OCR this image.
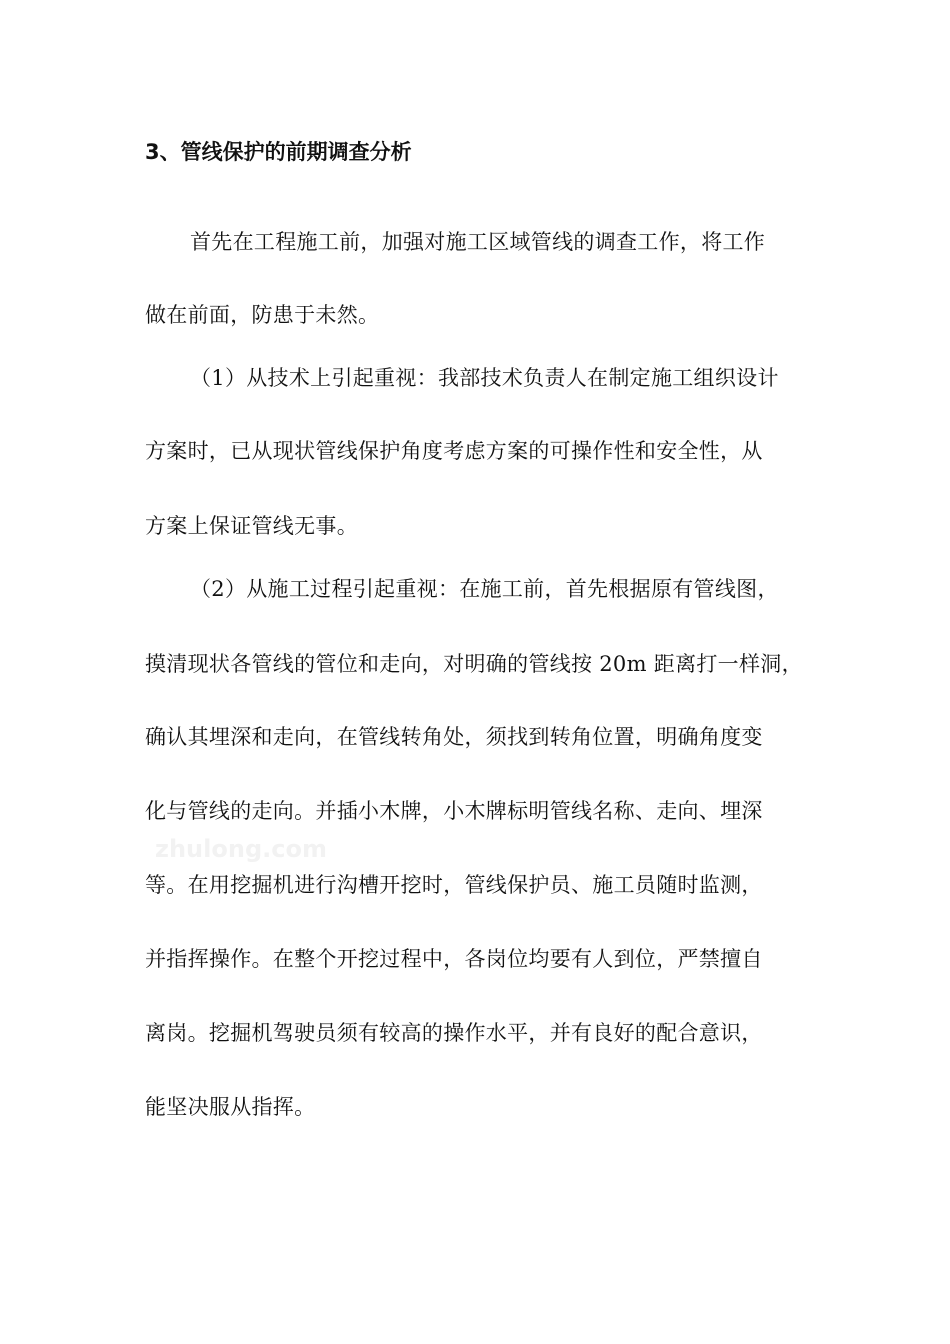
3、管线保护的前期调查分析
首先在工程施工前，加强对施工区域管线的调查工作，将工作
做在前面，防患于未然。
（1）从技术上引起重视：我部技术负责人在制定施工组织设计
方案时，已从现状管线保护角度考虑方案的可操作性和安全性，从
方案上保证管线无事。
（2）从施工过程引起重视：在施工前，首先根据原有管线图，
摸清现状各管线的管位和走向，对明确的管线按 20m 距离打一样洞，
确认其埋深和走向，在管线转角处，须找到转角位置，明确角度变
化与管线的走向。并插小木牌，小木牌标明管线名称、走向、埋深
等。在用挖掘机进行沟槽开挖时，管线保护员、施工员随时监测，
并指挥操作。在整个开挖过程中，各岗位均要有人到位，严禁擅自
离岗。挖掘机驾驶员须有较高的操作水平，并有良好的配合意识，
能坚决服从指挥。
zhulong.com
